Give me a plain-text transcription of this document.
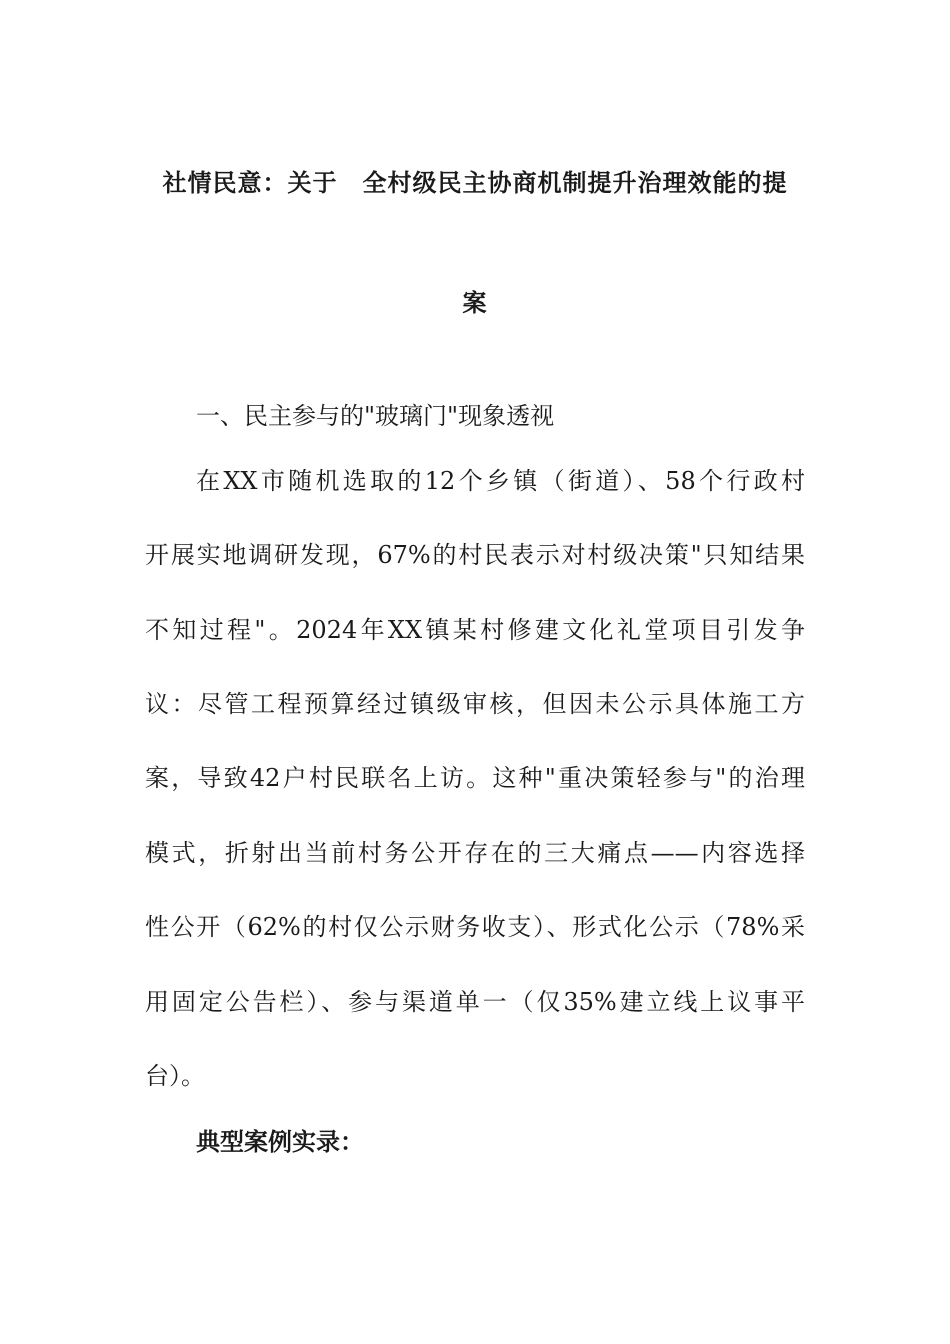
社情民意：关于　全村级民主协商机制提升治理效能的提
案
一、民主参与的"玻璃门"现象透视
在XX市随机选取的12个乡镇（街道）、58个行政村
开展实地调研发现，67%的村民表示对村级决策"只知结果
不知过程"。2024年XX镇某村修建文化礼堂项目引发争
议：尽管工程预算经过镇级审核，但因未公示具体施工方
案，导致42户村民联名上访。这种"重决策轻参与"的治理
模式，折射出当前村务公开存在的三大痛点——内容选择
性公开（62%的村仅公示财务收支）、形式化公示（78%采
用固定公告栏）、参与渠道单一（仅35%建立线上议事平
台）。
典型案例实录：
